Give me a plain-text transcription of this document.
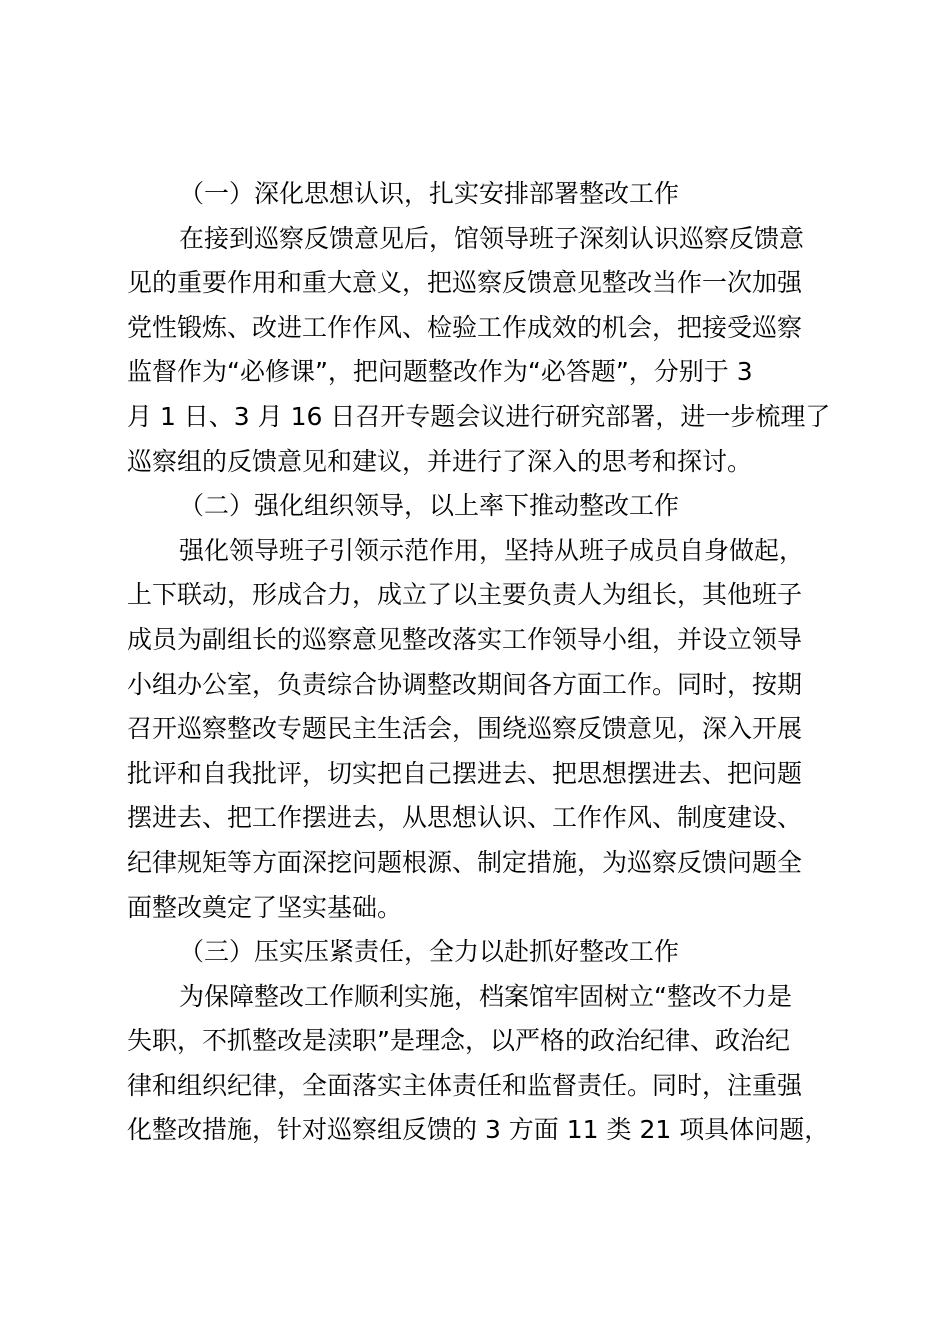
（一）深化思想认识，扎实安排部署整改工作
在接到巡察反馈意见后，馆领导班子深刻认识巡察反馈意
见的重要作用和重大意义，把巡察反馈意见整改当作一次加强
党性锻炼、改进工作作风、检验工作成效的机会，把接受巡察
监督作为“必修课”，把问题整改作为“必答题”，分别于 3
月 1 日、3 月 16 日召开专题会议进行研究部署，进一步梳理了
巡察组的反馈意见和建议，并进行了深入的思考和探讨。
（二）强化组织领导，以上率下推动整改工作
强化领导班子引领示范作用，坚持从班子成员自身做起，
上下联动，形成合力，成立了以主要负责人为组长，其他班子
成员为副组长的巡察意见整改落实工作领导小组，并设立领导
小组办公室，负责综合协调整改期间各方面工作。同时，按期
召开巡察整改专题民主生活会，围绕巡察反馈意见，深入开展
批评和自我批评，切实把自己摆进去、把思想摆进去、把问题
摆进去、把工作摆进去，从思想认识、工作作风、制度建设、
纪律规矩等方面深挖问题根源、制定措施，为巡察反馈问题全
面整改奠定了坚实基础。
（三）压实压紧责任，全力以赴抓好整改工作
为保障整改工作顺利实施，档案馆牢固树立“整改不力是
失职，不抓整改是渎职”是理念，以严格的政治纪律、政治纪
律和组织纪律，全面落实主体责任和监督责任。同时，注重强
化整改措施，针对巡察组反馈的 3 方面 11 类 21 项具体问题，
